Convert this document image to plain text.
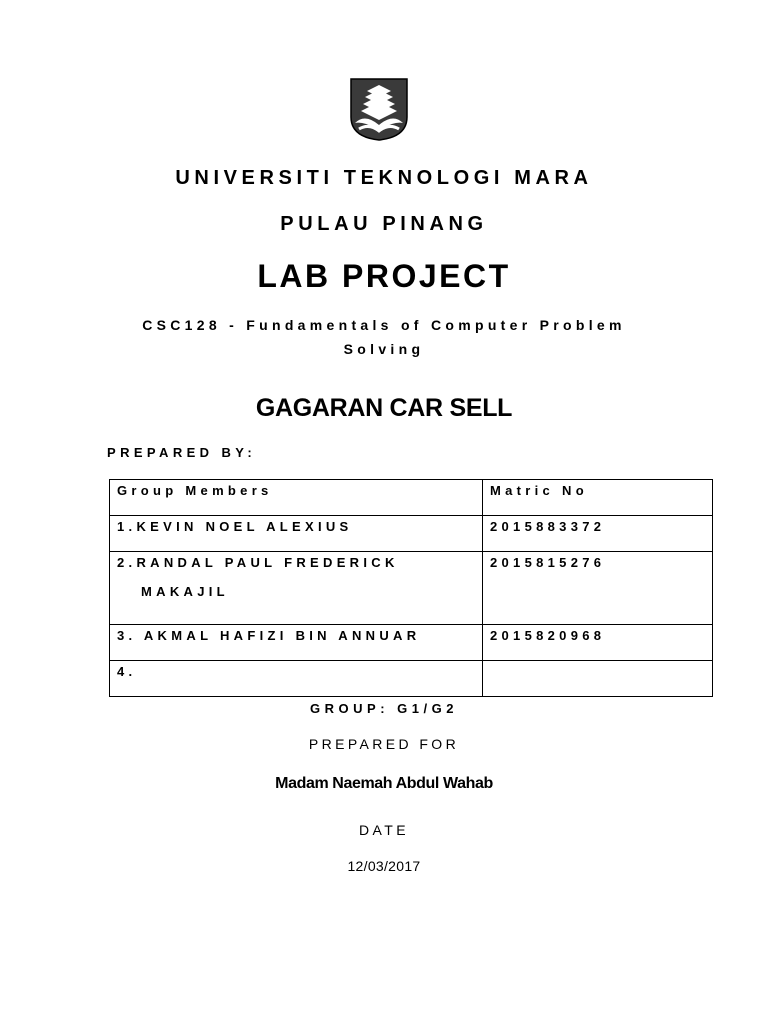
UNIVERSITI TEKNOLOGI MARA
PULAU PINANG
LAB PROJECT
CSC128 - Fundamentals of Computer Problem
Solving
GAGARAN CAR SELL
PREPARED BY:
Group Members	Matric No
1.KEVIN NOEL ALEXIUS	2015883372
2.RANDAL PAUL FREDERICK
MAKAJIL	2015815276
3. AKMAL HAFIZI BIN ANNUAR	2015820968
4.	
GROUP: G1/G2
PREPARED FOR
Madam Naemah Abdul Wahab
DATE
12/03/2017
